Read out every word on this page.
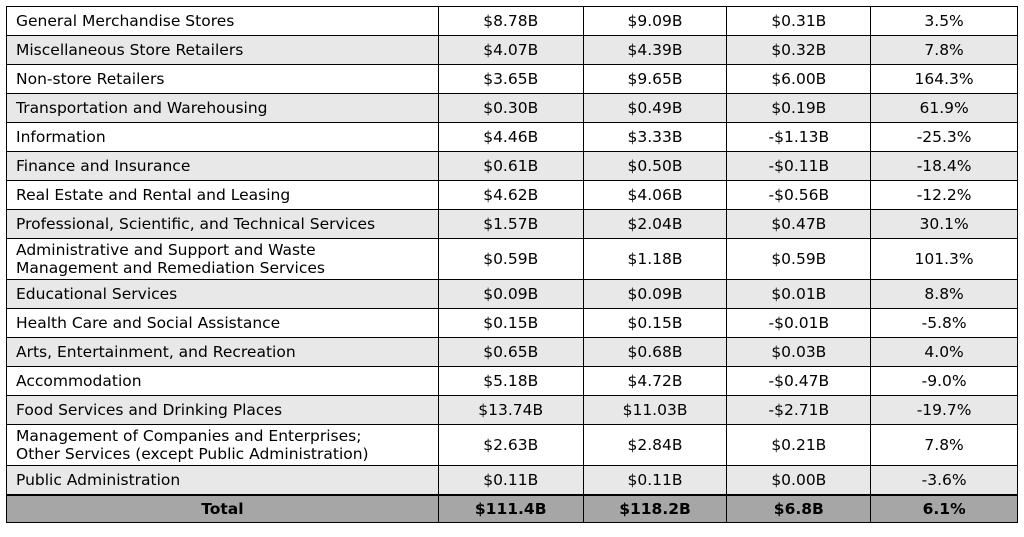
General Merchandise Stores	$8.78B	$9.09B	$0.31B	3.5%
Miscellaneous Store Retailers	$4.07B	$4.39B	$0.32B	7.8%
Non-store Retailers	$3.65B	$9.65B	$6.00B	164.3%
Transportation and Warehousing	$0.30B	$0.49B	$0.19B	61.9%
Information	$4.46B	$3.33B	-$1.13B	-25.3%
Finance and Insurance	$0.61B	$0.50B	-$0.11B	-18.4%
Real Estate and Rental and Leasing	$4.62B	$4.06B	-$0.56B	-12.2%
Professional, Scientific, and Technical Services	$1.57B	$2.04B	$0.47B	30.1%

Administrative and Support and Waste
Management and Remediation Services	$0.59B	$1.18B	$0.59B	101.3%
Educational Services	$0.09B	$0.09B	$0.01B	8.8%
Health Care and Social Assistance	$0.15B	$0.15B	-$0.01B	-5.8%
Arts, Entertainment, and Recreation	$0.65B	$0.68B	$0.03B	4.0%
Accommodation	$5.18B	$4.72B	-$0.47B	-9.0%
Food Services and Drinking Places	$13.74B	$11.03B	-$2.71B	-19.7%

Management of Companies and Enterprises;
Other Services (except Public Administration)	$2.63B	$2.84B	$0.21B	7.8%
Public Administration	$0.11B	$0.11B	$0.00B	-3.6%
Total	$111.4B	$118.2B	$6.8B	6.1%
